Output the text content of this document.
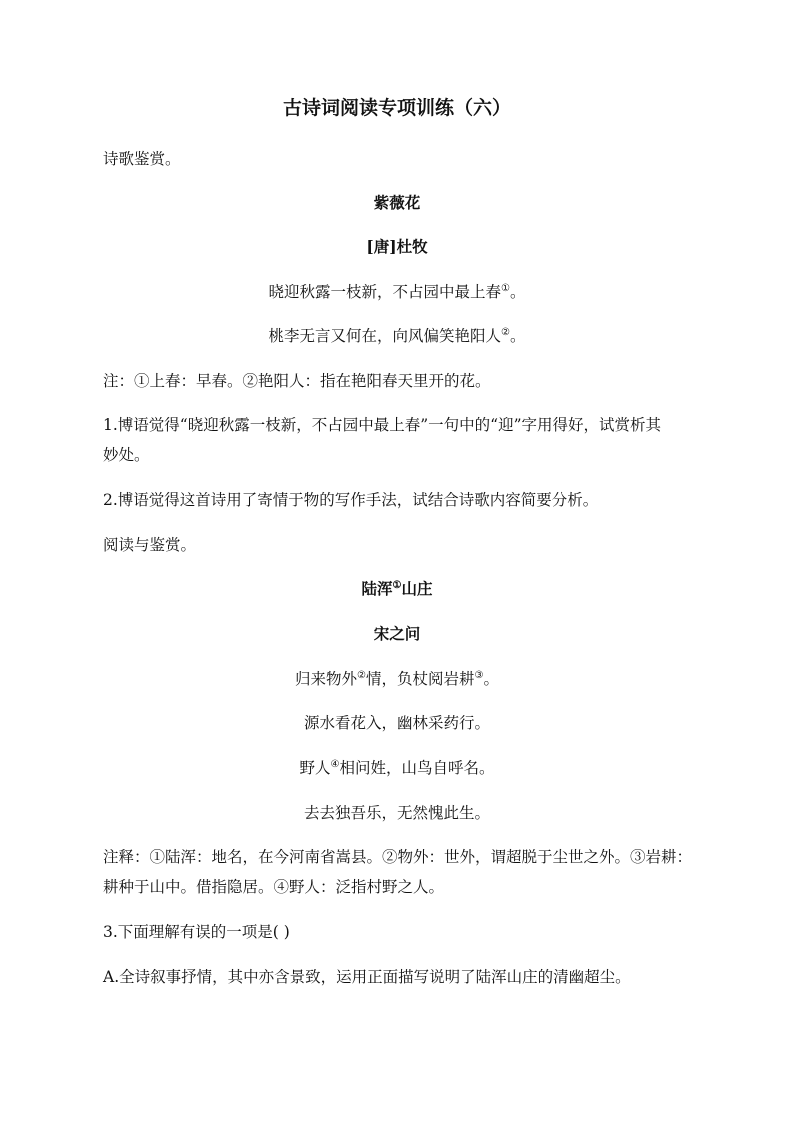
古诗词阅读专项训练（六）
诗歌鉴赏。
紫薇花
[唐]杜牧
晓迎秋露一枝新，不占园中最上春①。
桃李无言又何在，向风偏笑艳阳人②。
注：①上春：早春。②艳阳人：指在艳阳春天里开的花。
1.博语觉得“晓迎秋露一枝新，不占园中最上春”一句中的“迎”字用得好，试赏析其
妙处。
2.博语觉得这首诗用了寄情于物的写作手法，试结合诗歌内容简要分析。
阅读与鉴赏。
陆浑①山庄
宋之问
归来物外②情，负杖阅岩耕③。
源水看花入，幽林采药行。
野人④相问姓，山鸟自呼名。
去去独吾乐，无然愧此生。
注释：①陆浑：地名，在今河南省嵩县。②物外：世外，谓超脱于尘世之外。③岩耕：
耕种于山中。借指隐居。④野人：泛指村野之人。
3.下面理解有误的一项是( )
A.全诗叙事抒情，其中亦含景致，运用正面描写说明了陆浑山庄的清幽超尘。
